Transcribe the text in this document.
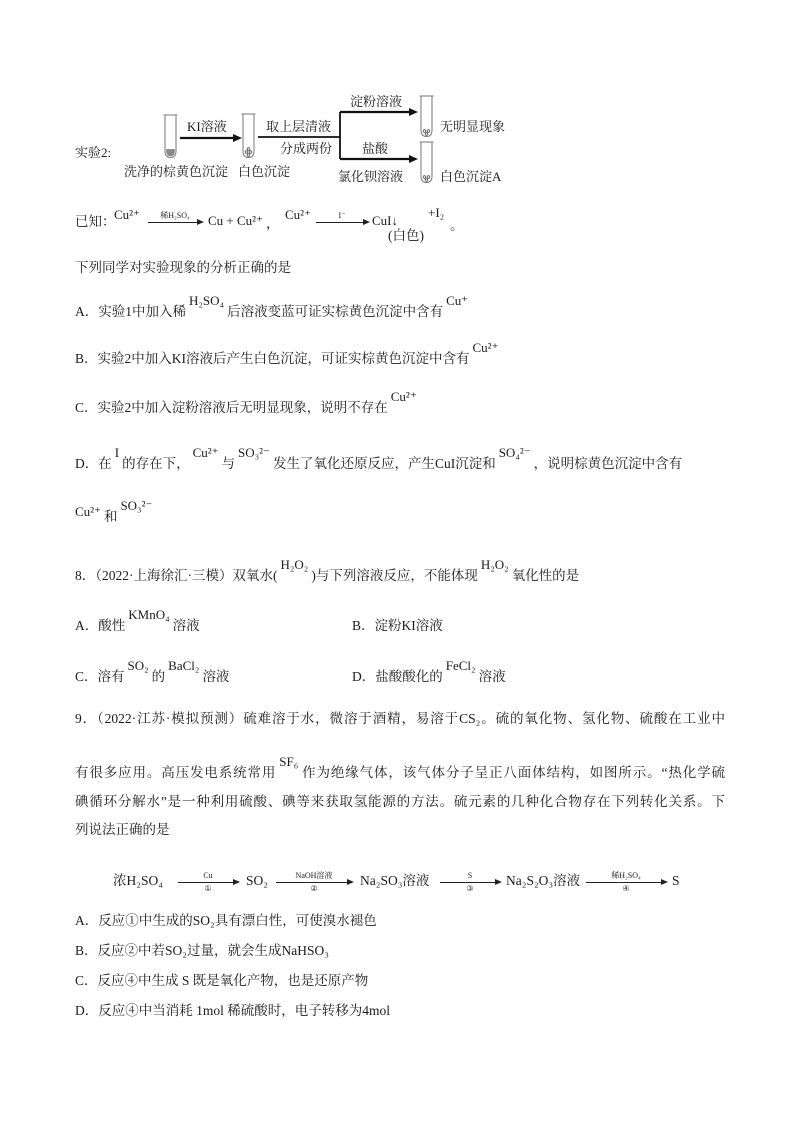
实验2:
洗净的棕黄色沉淀
KI溶液
白色沉淀
取上层清液
分成两份
淀粉溶液
盐酸
氯化钡溶液
无明显现象
白色沉淀A
已知：
Cu²⁺	稀H₂SO₄	Cu + Cu²⁺ ，
Cu²⁺	I⁻	CuI↓
(白色)
+I₂
。
下列同学对实验现象的分析正确的是
A．实验1中加入稀H₂SO₄后溶液变蓝可证实棕黄色沉淀中含有Cu⁺
B．实验2中加入KI溶液后产生白色沉淀，可证实棕黄色沉淀中含有Cu²⁺
C．实验2中加入淀粉溶液后无明显现象，说明不存在Cu²⁺
D．在I的存在下，Cu²⁺与SO₃²⁻发生了氧化还原反应，产生CuI沉淀和SO₄²⁻，说明棕黄色沉淀中含有
Cu²⁺ 和SO₃²⁻
8．（2022·上海徐汇·三模）双氧水(H₂O₂)与下列溶液反应，不能体现H₂O₂氧化性的是
A．酸性KMnO₄溶液	B．淀粉KI溶液
C．溶有SO₂的BaCl₂溶液	D．盐酸酸化的FeCl₂溶液
9．（2022·江苏·模拟预测）硫难溶于水，微溶于酒精，易溶于CS₂。硫的氧化物、氢化物、硫酸在工业中
有很多应用。高压发电系统常用SF₆作为绝缘气体，该气体分子呈正八面体结构，如图所示。“热化学硫
碘循环分解水”是一种利用硫酸、碘等来获取氢能源的方法。硫元素的几种化合物存在下列转化关系。下
列说法正确的是
浓H₂SO₄	Cu
①
SO₂	NaOH溶液
②
Na₂SO₃溶液	S
③
Na₂S₂O₃溶液	稀H₂SO₄
④
S
A．反应①中生成的SO₂具有漂白性，可使溴水褪色
B．反应②中若SO₂过量，就会生成NaHSO₃
C．反应④中生成 S 既是氧化产物，也是还原产物
D．反应④中当消耗 1mol 稀硫酸时，电子转移为4mol
